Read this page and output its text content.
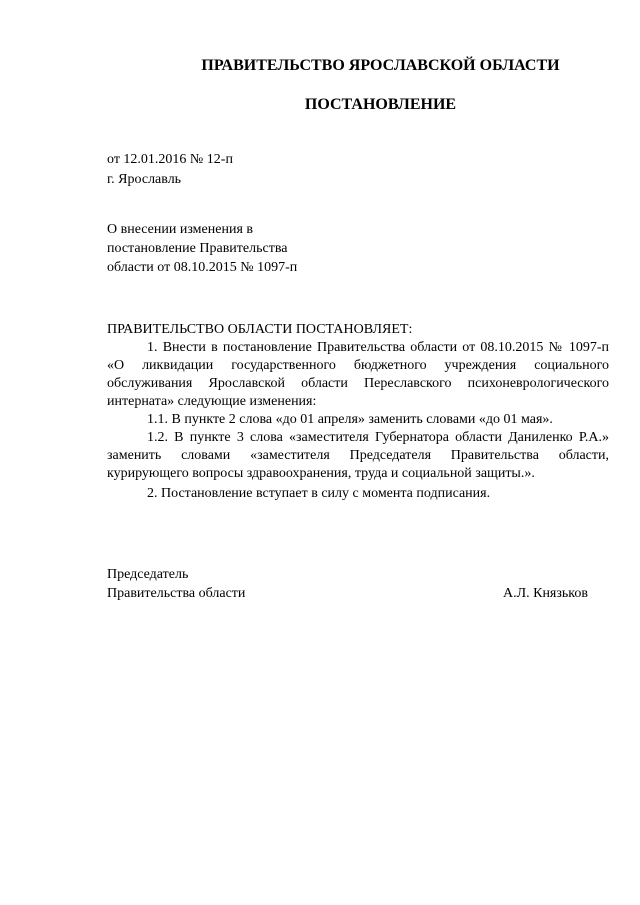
ПРАВИТЕЛЬСТВО ЯРОСЛАВСКОЙ ОБЛАСТИ
ПОСТАНОВЛЕНИЕ
от 12.01.2016 № 12-п
г. Ярославль
О внесении изменения в
постановление Правительства
области от 08.10.2015 № 1097-п

ПРАВИТЕЛЬСТВО ОБЛАСТИ ПОСТАНОВЛЯЕТ:

1. Внести в постановление Правительства области от 08.10.2015 № 1097-п «О ликвидации государственного бюджетного учреждения социального обслуживания Ярославской области Переславского психоневрологического интерната» следующие изменения:

1.1. В пункте 2 слова «до 01 апреля» заменить словами «до 01 мая».

1.2. В пункте 3 слова «заместителя Губернатора области Даниленко Р.А.» заменить словами «заместителя Председателя Правительства области, курирующего вопросы здравоохранения, труда и социальной защиты.».

2. Постановление вступает в силу с момента подписания.

Председатель
Правительства области	А.Л. Князьков
